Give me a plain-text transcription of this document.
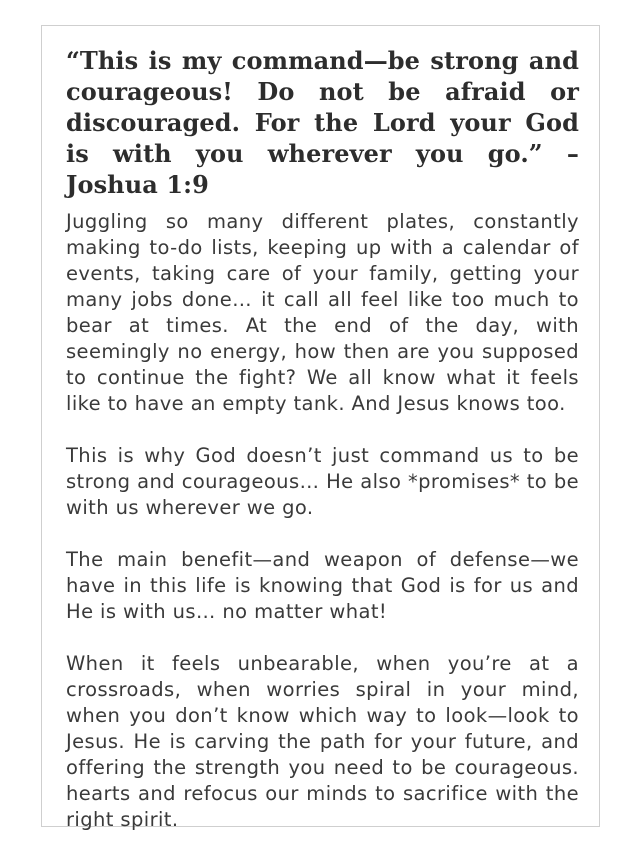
“This is my command—be strong and courageous! Do not be afraid or discouraged. For the Lord your God is with you wherever you go.” – Joshua 1:9

Juggling so many different plates, constantly making to-do lists, keeping up with a calendar of events, taking care of your family, getting your many jobs done… it call all feel like too much to bear at times. At the end of the day, with seemingly no energy, how then are you supposed to continue the fight? We all know what it feels like to have an empty tank. And Jesus knows too.

This is why God doesn’t just command us to be strong and courageous… He also *promises* to be with us wherever we go.

The main benefit—and weapon of defense—we have in this life is knowing that God is for us and He is with us… no matter what!

When it feels unbearable, when you’re at a crossroads, when worries spiral in your mind, when you don’t know which way to look—look to Jesus. He is carving the path for your future, and offering the strength you need to be courageous. hearts and refocus our minds to sacrifice with the right spirit.
